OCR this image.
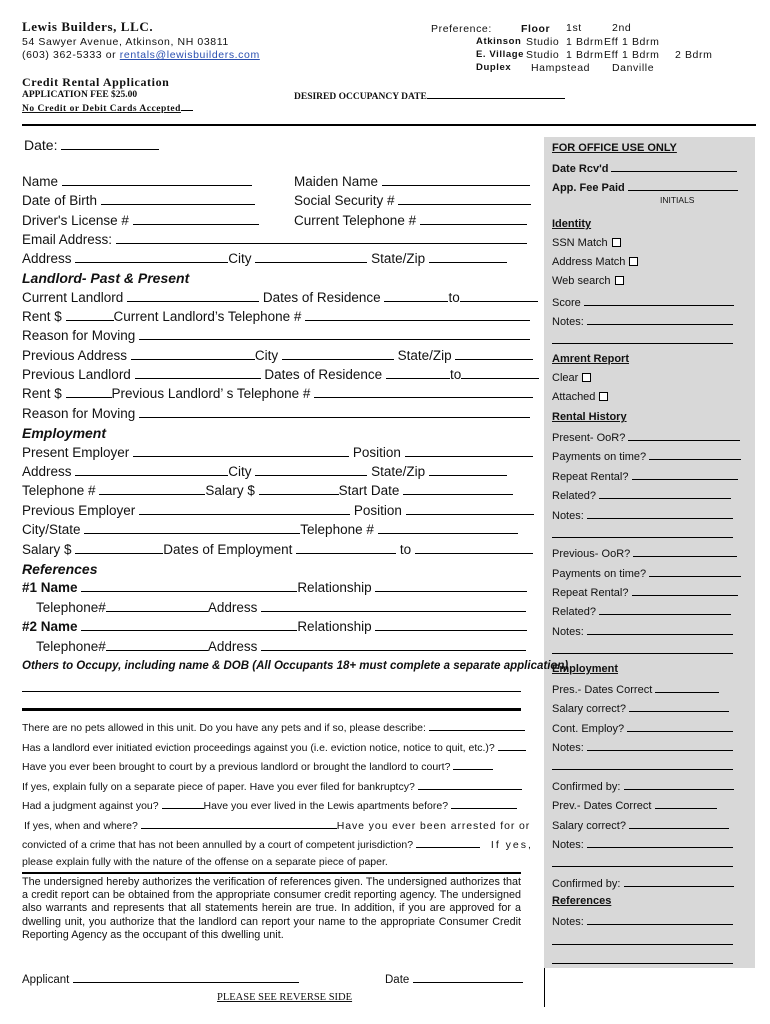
Lewis Builders, LLC.
54 Sawyer Avenue, Atkinson, NH 03811
(603) 362-5333 or rentals@lewisbuilders.com
Preference:	Floor 1st	2nd
Atkinson Studio 1 Bdrm Eff 1 Bdrm
E. Village Studio 1 Bdrm Eff 1 Bdrm 2 Bdrm
Duplex Hampstead Danville
Credit Rental Application
APPLICATION FEE $25.00
No Credit or Debit Cards Accepted
DESIRED OCCUPANCY DATE
FOR OFFICE USE ONLY
Date Rcv'd
App. Fee Paid
INITIALS
Identity
SSN Match
Address Match
Web search
Score
Notes:
Amrent Report
Clear
Attached
Rental History
Present- OoR?
Payments on time?
Repeat Rental?
Related?
Notes:
Previous- OoR?
Payments on time?
Repeat Rental?
Related?
Notes:
Employment
Pres.- Dates Correct
Salary correct?
Cont. Employ?
Notes:
Confirmed by:
Prev.- Dates Correct
Salary correct?
Notes:
Confirmed by:
References
Notes:
Date:
Name	Maiden Name
Date of Birth	Social Security #
Driver's License #	Current Telephone #
Email Address:
Address	City	State/Zip
Landlord- Past & Present
Current Landlord	Dates of Residence	to
Rent $	Current Landlord’s Telephone #
Reason for Moving
Previous Address	City	State/Zip
Previous Landlord	Dates of Residence	to
Rent $	Previous Landlord’ s Telephone #
Reason for Moving
Employment
Present Employer	Position
Address	City	State/Zip
Telephone #	Salary $	Start Date
Previous Employer	Position
City/State	Telephone #
Salary $	Dates of Employment	to
References
#1 Name	Relationship
Telephone#	Address
#2 Name	Relationship
Telephone#	Address
Others to Occupy, including name & DOB (All Occupants 18+ must complete a separate application)
There are no pets allowed in this unit. Do you have any pets and if so, please describe:
Has a landlord ever initiated eviction proceedings against you (i.e. eviction notice, notice to quit, etc.)?
Have you ever been brought to court by a previous landlord or brought the landlord to court?
If yes, explain fully on a separate piece of paper. Have you ever filed for bankruptcy?
Had a judgment against you?	Have you ever lived in the Lewis apartments before?
If yes, when and where?	Have you ever been arrested for or
convicted of a crime that has not been annulled by a court of competent jurisdiction?	If yes,
please explain fully with the nature of the offense on a separate piece of paper.
The undersigned hereby authorizes the verification of references given. The undersigned authorizes that a credit report can be obtained from the appropriate consumer credit reporting agency. The undersigned also warrants and represents that all statements herein are true. In addition, if you are approved for a dwelling unit, you authorize that the landlord can report your name to the appropriate Consumer Credit Reporting Agency as the occupant of this dwelling unit.
Applicant	Date
PLEASE SEE REVERSE SIDE
